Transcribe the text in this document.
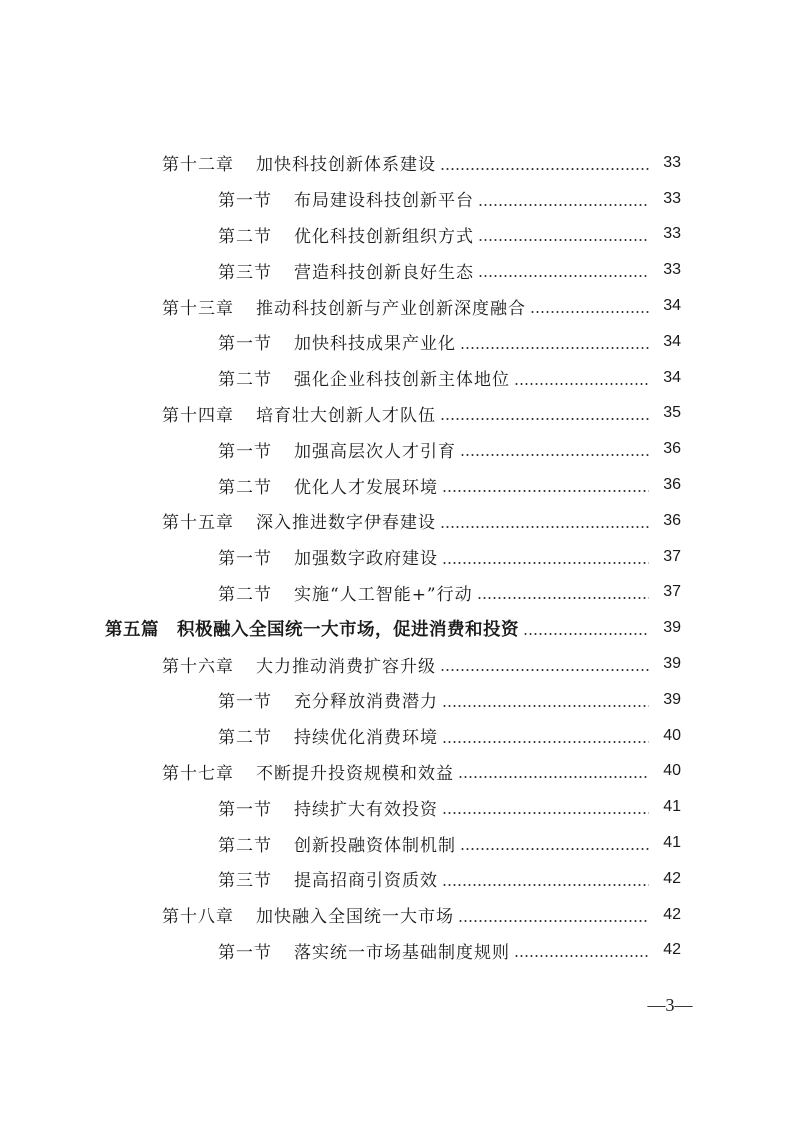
第十二章 加快科技创新体系建设	33
第一节 布局建设科技创新平台	33
第二节 优化科技创新组织方式	33
第三节 营造科技创新良好生态	33
第十三章 推动科技创新与产业创新深度融合	34
第一节 加快科技成果产业化	34
第二节 强化企业科技创新主体地位	34
第十四章 培育壮大创新人才队伍	35
第一节 加强高层次人才引育	36
第二节 优化人才发展环境	36
第十五章 深入推进数字伊春建设	36
第一节 加强数字政府建设	37
第二节 实施“人工智能+”行动	37
第五篇 积极融入全国统一大市场，促进消费和投资	39
第十六章 大力推动消费扩容升级	39
第一节 充分释放消费潜力	39
第二节 持续优化消费环境	40
第十七章 不断提升投资规模和效益	40
第一节 持续扩大有效投资	41
第二节 创新投融资体制机制	41
第三节 提高招商引资质效	42
第十八章 加快融入全国统一大市场	42
第一节 落实统一市场基础制度规则	42
—3—
